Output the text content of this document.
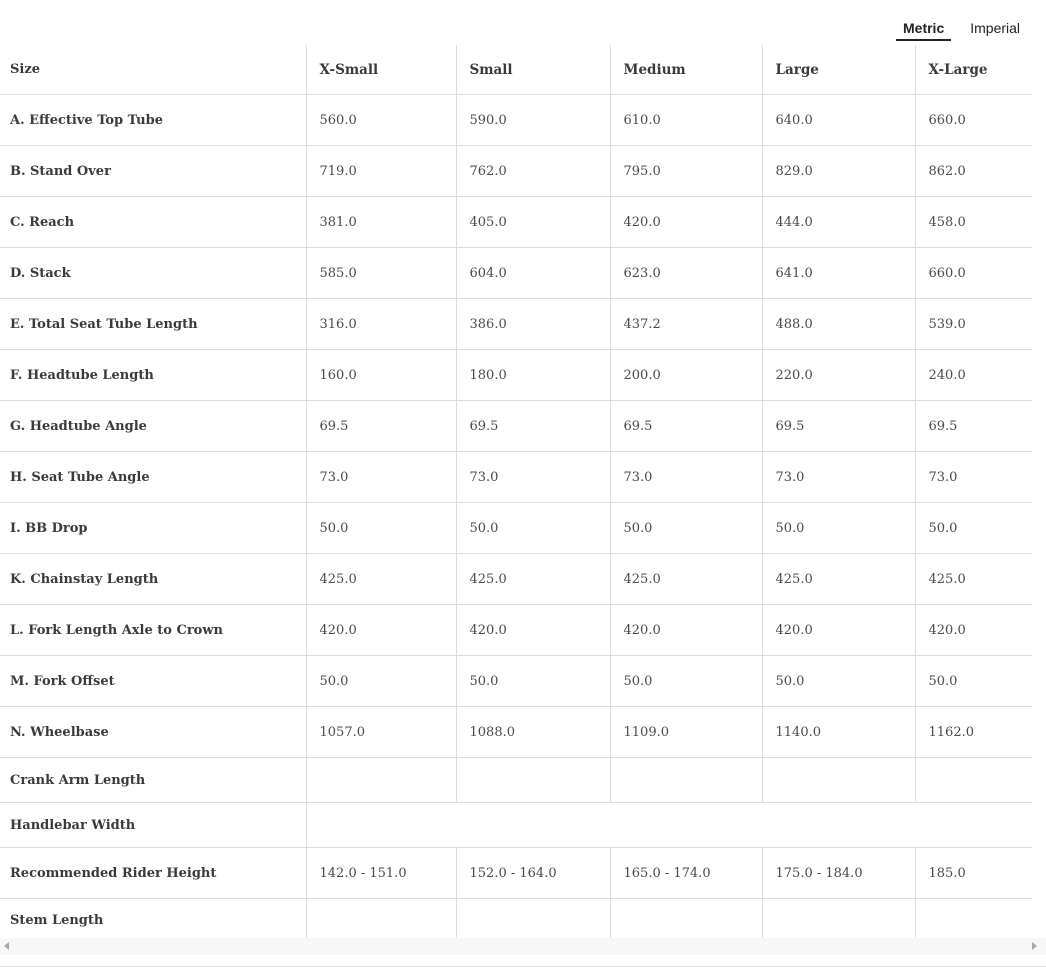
Metric	Imperial
Size	X-Small	Small	Medium	Large	X-Large
A. Effective Top Tube	560.0	590.0	610.0	640.0	660.0
B. Stand Over	719.0	762.0	795.0	829.0	862.0
C. Reach	381.0	405.0	420.0	444.0	458.0
D. Stack	585.0	604.0	623.0	641.0	660.0
E. Total Seat Tube Length	316.0	386.0	437.2	488.0	539.0
F. Headtube Length	160.0	180.0	200.0	220.0	240.0
G. Headtube Angle	69.5	69.5	69.5	69.5	69.5
H. Seat Tube Angle	73.0	73.0	73.0	73.0	73.0
I. BB Drop	50.0	50.0	50.0	50.0	50.0
K. Chainstay Length	425.0	425.0	425.0	425.0	425.0
L. Fork Length Axle to Crown	420.0	420.0	420.0	420.0	420.0
M. Fork Offset	50.0	50.0	50.0	50.0	50.0
N. Wheelbase	1057.0	1088.0	1109.0	1140.0	1162.0
Crank Arm Length					
Handlebar Width					
Recommended Rider Height	142.0 - 151.0	152.0 - 164.0	165.0 - 174.0	175.0 - 184.0	185.0
Stem Length					
